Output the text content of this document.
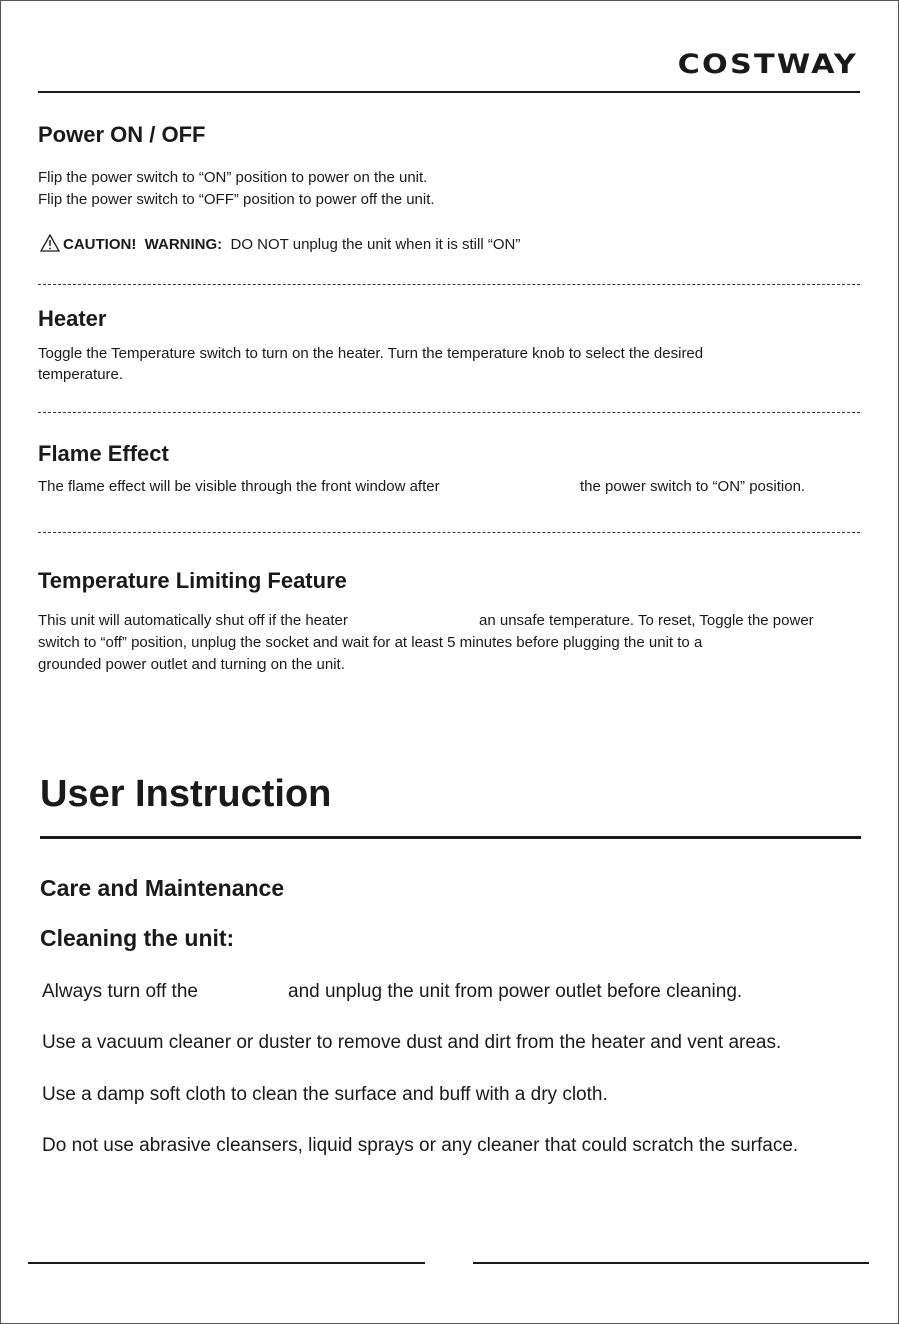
COSTWAY
Power ON / OFF

Flip the power switch to “ON” position to power on the unit.

Flip the power switch to “OFF” position to power off the unit.

CAUTION! WARNING: DO NOT unplug the unit when it is still “ON”
Heater

Toggle the Temperature switch to turn on the heater. Turn the temperature knob to select the desired

temperature.

Flame Effect

The flame effect will be visible through the front window after	the power switch to “ON” position.

Temperature Limiting Feature

This unit will automatically shut off if the heater	an unsafe temperature. To reset, Toggle the power

switch to “off” position, unplug the socket and wait for at least 5 minutes before plugging the unit to a

grounded power outlet and turning on the unit.

User Instruction
Care and Maintenance
Cleaning the unit:

Always turn off the	and unplug the unit from power outlet before cleaning.

Use a vacuum cleaner or duster to remove dust and dirt from the heater and vent areas.

Use a damp soft cloth to clean the surface and buff with a dry cloth.

Do not use abrasive cleansers, liquid sprays or any cleaner that could scratch the surface.
